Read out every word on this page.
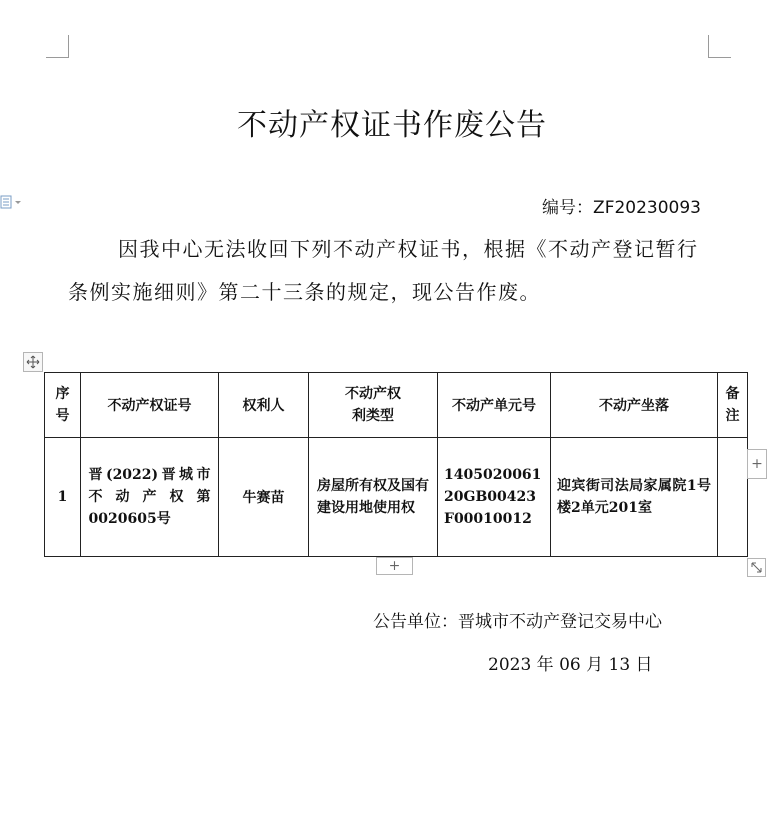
不动产权证书作废公告
编号：ZF20230093
因我中心无法收回下列不动产权证书，根据《不动产登记暂行条例实施细则》第二十三条的规定，现公告作废。
序号	不动产权证号	权利人	不动产权利类型	不动产单元号	不动产坐落	备注

1	晋(2022)晋城市不动产权第0020605号	牛赛苗	房屋所有权及国有建设用地使用权	140502006120GB00423F00010012	迎宾街司法局家属院1号楼2单元201室	

+
+
公告单位：晋城市不动产登记交易中心
2023 年 06 月 13 日
